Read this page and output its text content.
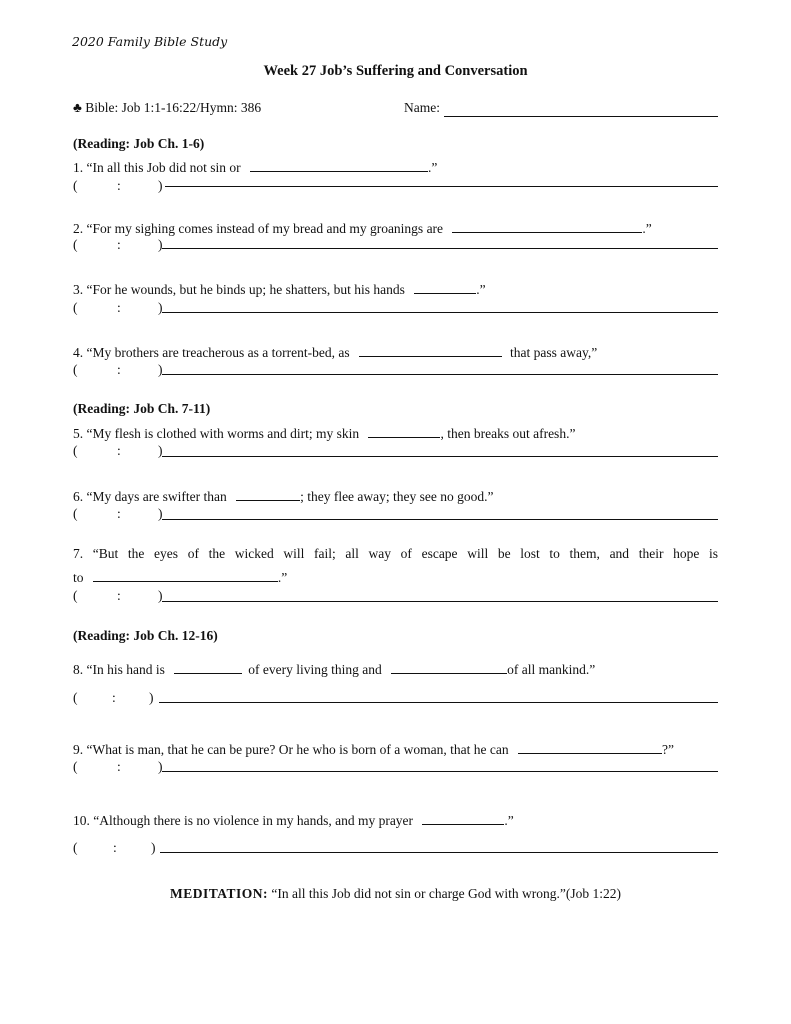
2020 Family Bible Study
Week 27 Job’s Suffering and Conversation
♣ Bible: Job 1:1-16:22/Hymn: 386	Name:
(Reading: Job Ch. 1-6)
1. “In all this Job did not sin or	.”
(	:	)
2. “For my sighing comes instead of my bread and my groanings are	.”
(	:	)
3. “For he wounds, but he binds up; he shatters, but his hands	.”
(	:	)
4. “My brothers are treacherous as a torrent-bed, as	that pass away,”
(	:	)
(Reading: Job Ch. 7-11)
5. “My flesh is clothed with worms and dirt; my skin	, then breaks out afresh.”
(	:	)
6. “My days are swifter than	; they flee away; they see no good.”
(	:	)
7. “But the eyes of the wicked will fail; all way of escape will be lost to them, and their hope is
to	.”
(	:	)
(Reading: Job Ch. 12-16)
8. “In his hand is	of every living thing and	of all mankind.”
(	: )
9. “What is man, that he can be pure? Or he who is born of a woman, that he can	?”
(	:	)
10. “Although there is no violence in my hands, and my prayer	.”
(	:	)
MEDITATION: “In all this Job did not sin or charge God with wrong.”(Job 1:22)
